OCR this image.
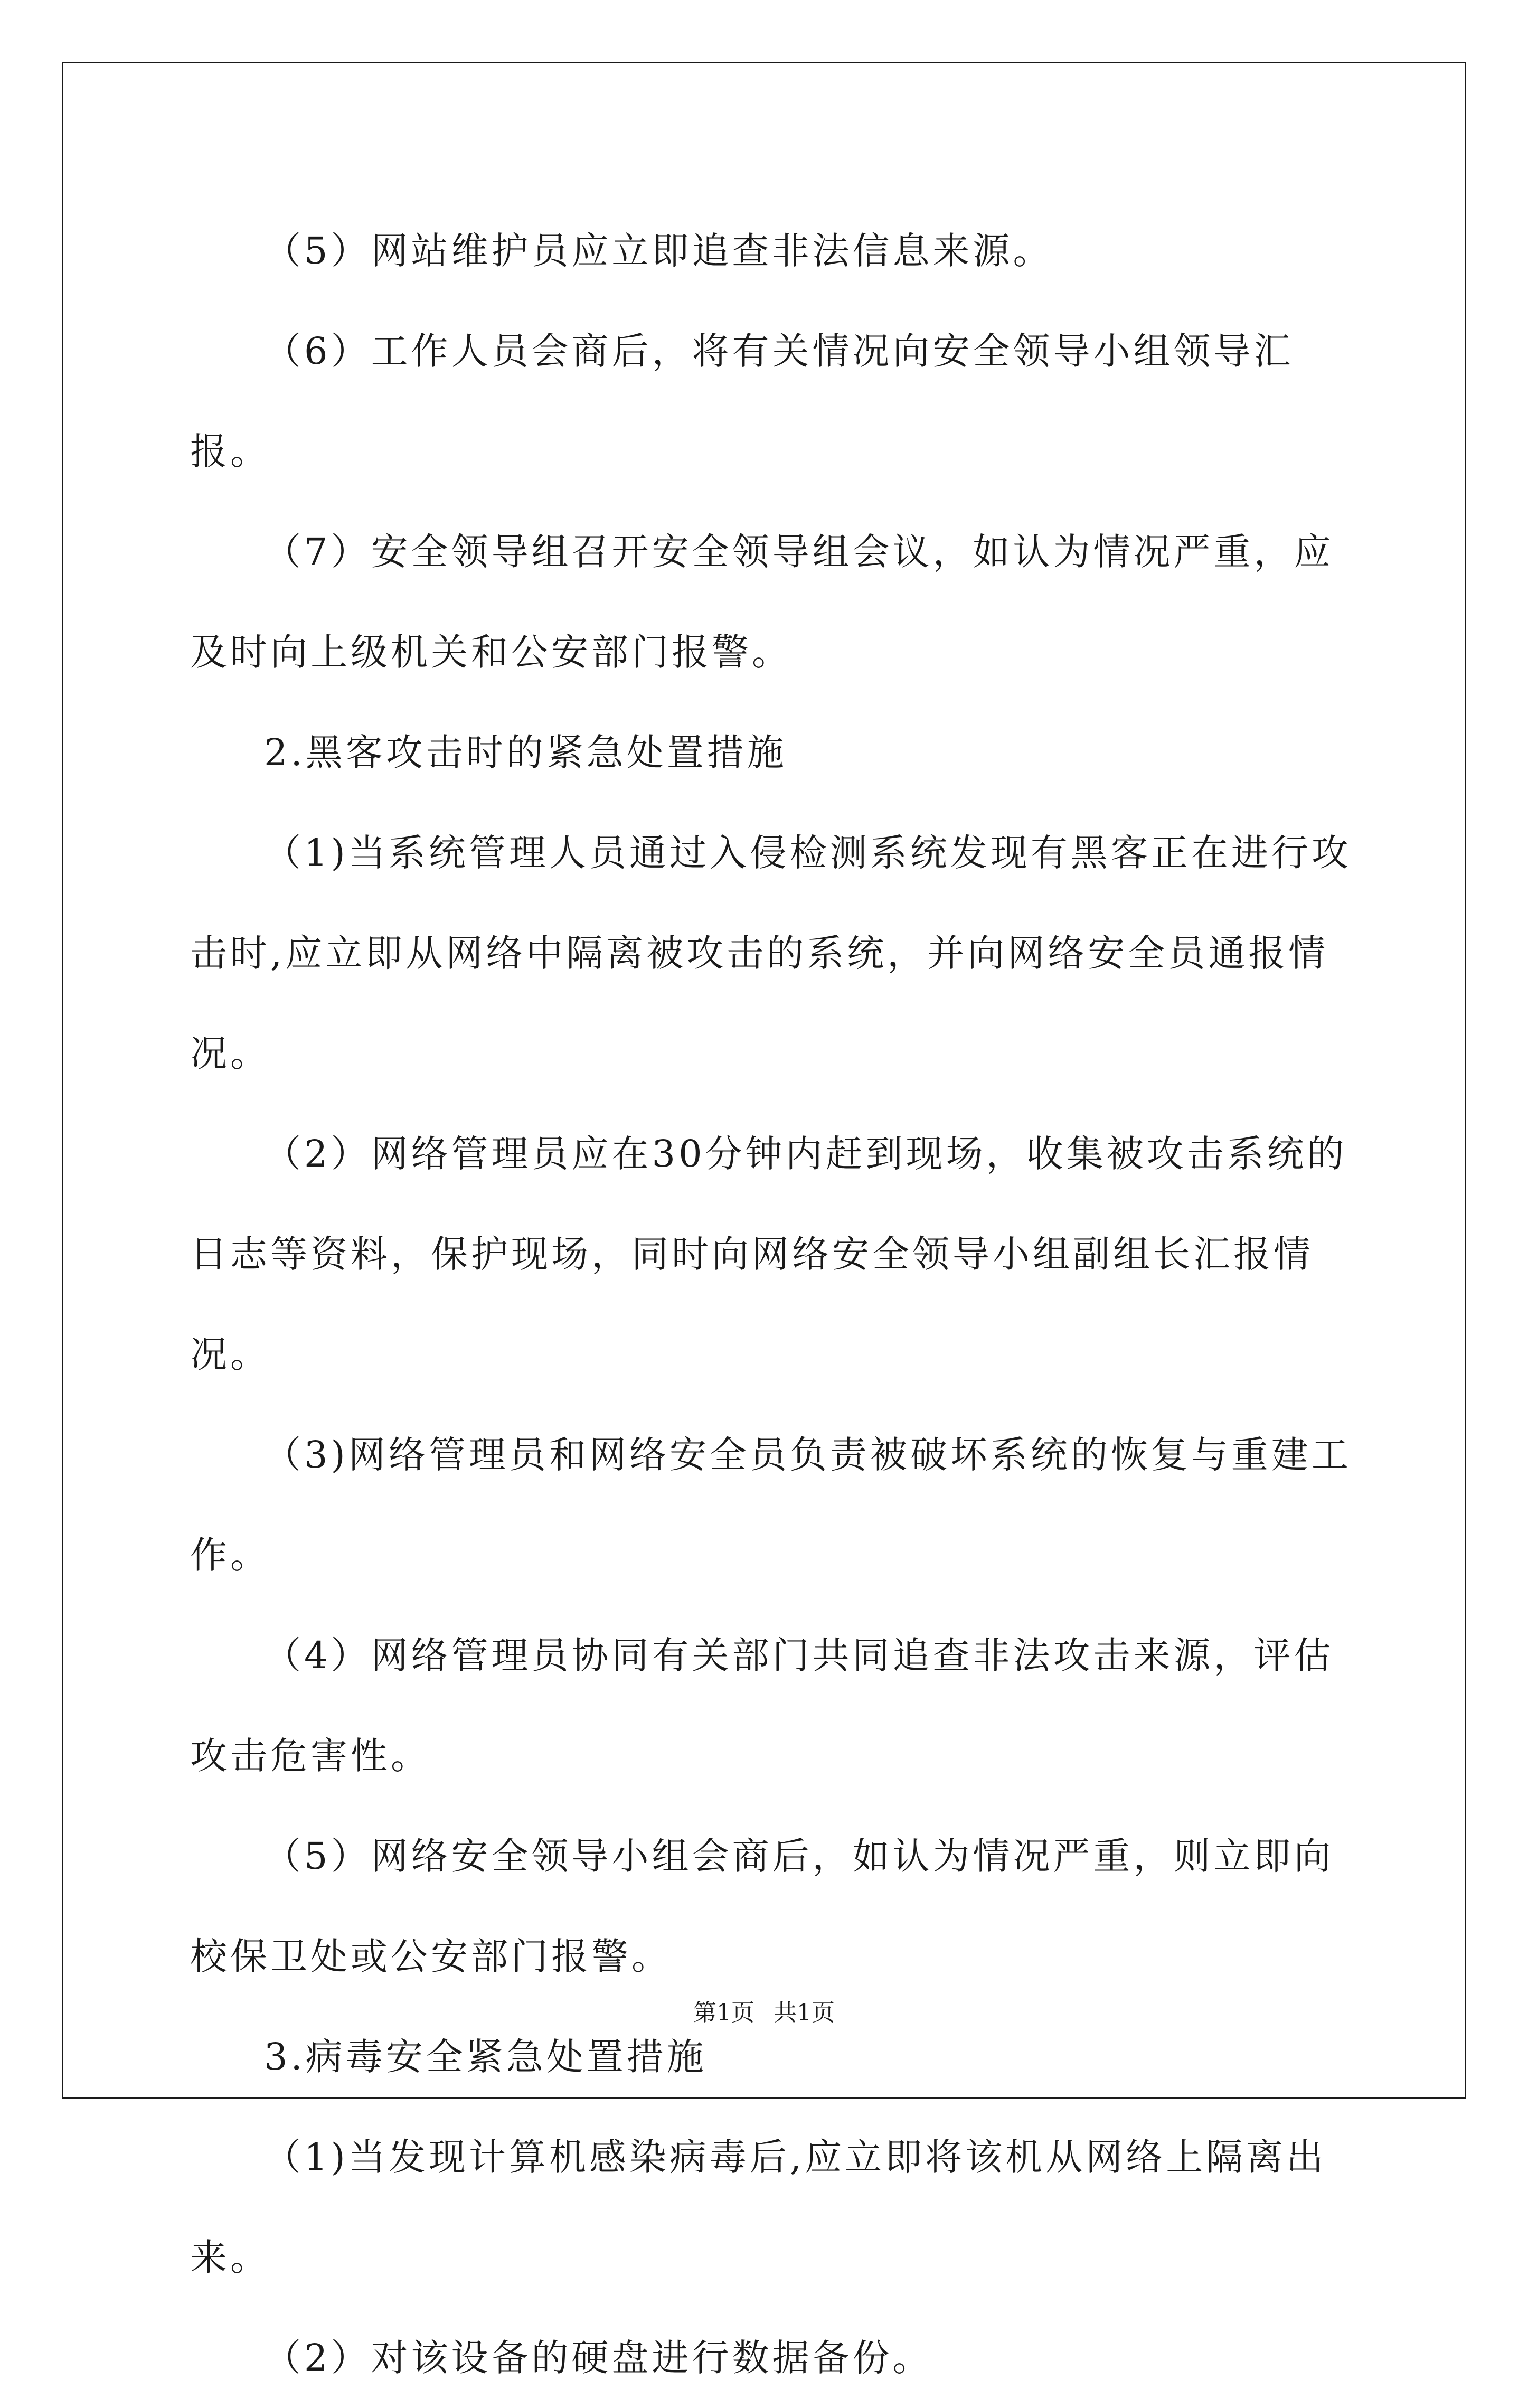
（5）网站维护员应立即追查非法信息来源。

（6）工作人员会商后，将有关情况向安全领导小组领导汇报。

（7）安全领导组召开安全领导组会议，如认为情况严重，应及时向上级机关和公安部门报警。

2.黑客攻击时的紧急处置措施

（1)当系统管理人员通过入侵检测系统发现有黑客正在进行攻击时,应立即从网络中隔离被攻击的系统，并向网络安全员通报情况。

（2）网络管理员应在30分钟内赶到现场，收集被攻击系统的日志等资料，保护现场，同时向网络安全领导小组副组长汇报情况。

（3)网络管理员和网络安全员负责被破坏系统的恢复与重建工作。

（4）网络管理员协同有关部门共同追查非法攻击来源，评估攻击危害性。

（5）网络安全领导小组会商后，如认为情况严重，则立即向校保卫处或公安部门报警。

3.病毒安全紧急处置措施

（1)当发现计算机感染病毒后,应立即将该机从网络上隔离出来。

（2）对该设备的硬盘进行数据备份。

第1页 共1页
